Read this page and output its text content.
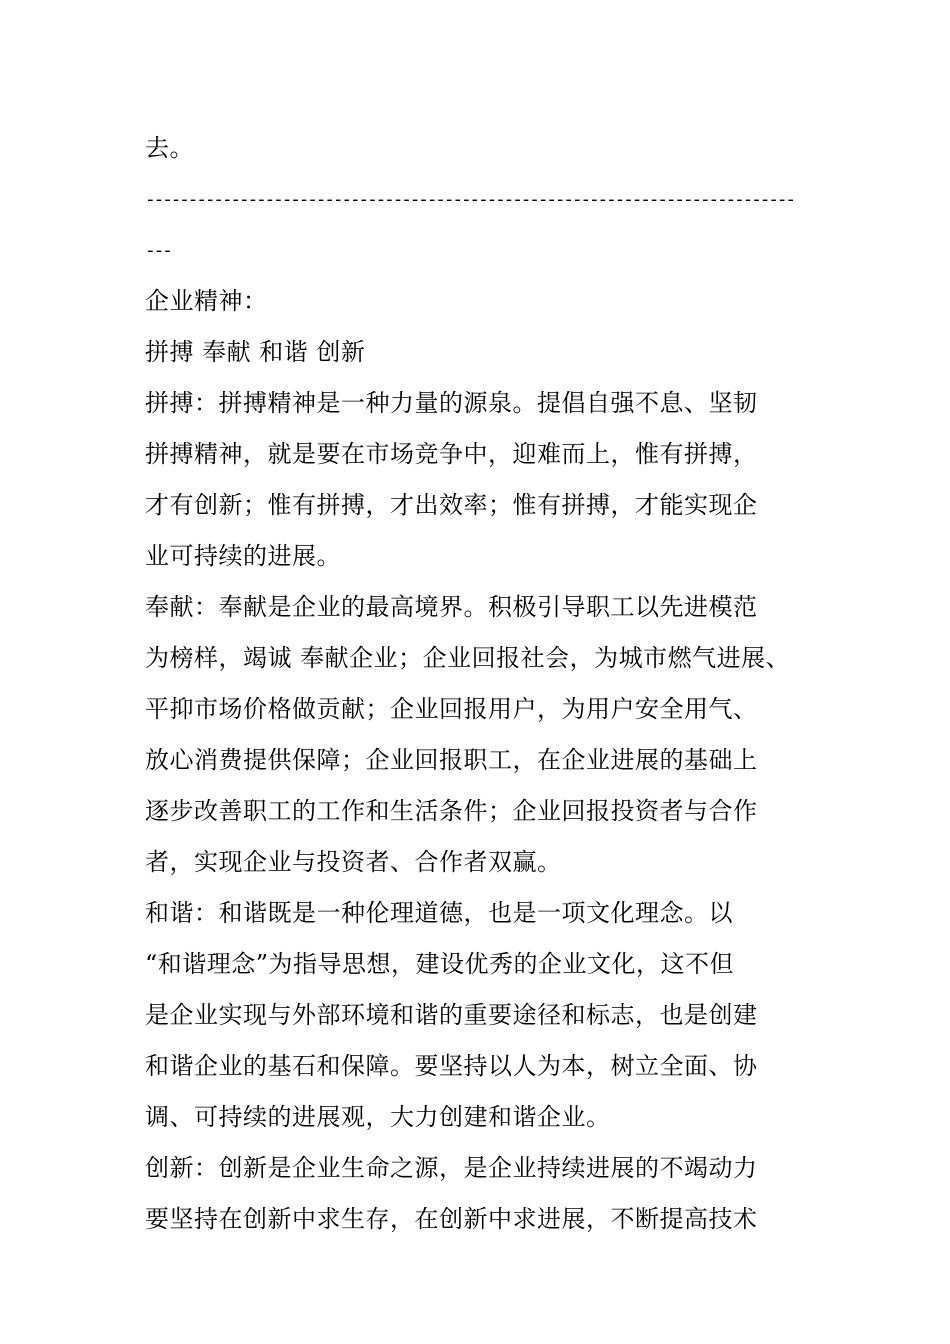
去。
----------------------------------------------------------------------------
---
企业精神：
拼搏 奉献 和谐 创新
拼搏：拼搏精神是一种力量的源泉。提倡自强不息、坚韧
拼搏精神，就是要在市场竞争中，迎难而上，惟有拼搏，
才有创新；惟有拼搏，才出效率；惟有拼搏，才能实现企
业可持续的进展。
奉献：奉献是企业的最高境界。积极引导职工以先进模范
为榜样，竭诚 奉献企业；企业回报社会，为城市燃气进展、
平抑市场价格做贡献；企业回报用户，为用户安全用气、
放心消费提供保障；企业回报职工，在企业进展的基础上
逐步改善职工的工作和生活条件；企业回报投资者与合作
者，实现企业与投资者、合作者双赢。
和谐：和谐既是一种伦理道德，也是一项文化理念。以
“和谐理念”为指导思想，建设优秀的企业文化，这不但
是企业实现与外部环境和谐的重要途径和标志，也是创建
和谐企业的基石和保障。要坚持以人为本，树立全面、协
调、可持续的进展观，大力创建和谐企业。
创新：创新是企业生命之源，是企业持续进展的不竭动力
要坚持在创新中求生存，在创新中求进展，不断提高技术
